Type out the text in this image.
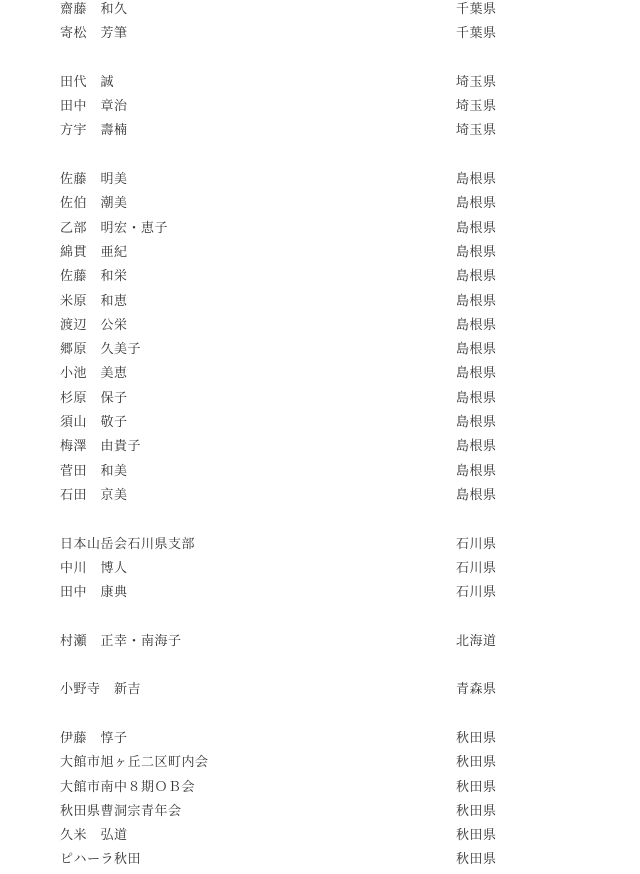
齋藤　和久	千葉県
寄松　芳筆	千葉県
田代　誠	埼玉県
田中　章治	埼玉県
方宇　壽楠	埼玉県
佐藤　明美	島根県
佐伯　潮美	島根県
乙部　明宏・恵子	島根県
綿貫　亜紀	島根県
佐藤　和栄	島根県
米原　和恵	島根県
渡辺　公栄	島根県
郷原　久美子	島根県
小池　美恵	島根県
杉原　保子	島根県
須山　敬子	島根県
梅澤　由貴子	島根県
菅田　和美	島根県
石田　京美	島根県
日本山岳会石川県支部	石川県
中川　博人	石川県
田中　康典	石川県
村瀬　正幸・南海子	北海道
小野寺　新吉	青森県
伊藤　惇子	秋田県
大館市旭ヶ丘二区町内会	秋田県
大館市南中８期ＯＢ会	秋田県
秋田県曹洞宗青年会	秋田県
久米　弘道	秋田県
ピハーラ秋田	秋田県
